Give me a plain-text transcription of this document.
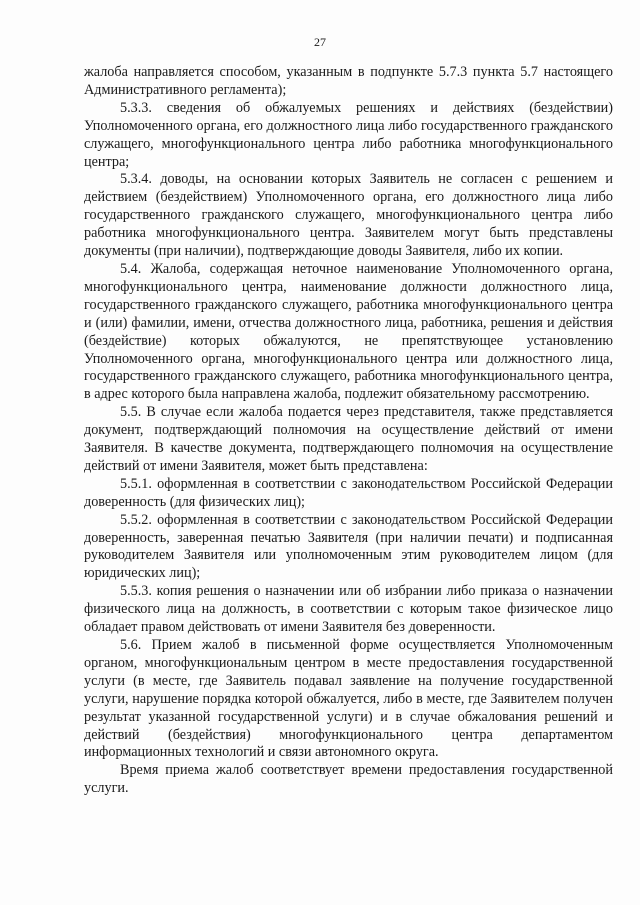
27

жалоба направляется способом, указанным в подпункте 5.7.3 пункта 5.7 настоящего Административного регламента);

5.3.3. сведения об обжалуемых решениях и действиях (бездействии) Уполномоченного органа, его должностного лица либо государственного гражданского служащего, многофункционального центра либо работника многофункционального центра;

5.3.4. доводы, на основании которых Заявитель не согласен с решением и действием (бездействием) Уполномоченного органа, его должностного лица либо государственного гражданского служащего, многофункционального центра либо работника многофункционального центра. Заявителем могут быть представлены документы (при наличии), подтверждающие доводы Заявителя, либо их копии.

5.4. Жалоба, содержащая неточное наименование Уполномоченного органа, многофункционального центра, наименование должности должностного лица, государственного гражданского служащего, работника многофункционального центра и (или) фамилии, имени, отчества должностного лица, работника, решения и действия (бездействие) которых обжалуются, не препятствующее установлению Уполномоченного органа, многофункционального центра или должностного лица, государственного гражданского служащего, работника многофункционального центра, в адрес которого была направлена жалоба, подлежит обязательному рассмотрению.

5.5. В случае если жалоба подается через представителя, также представляется документ, подтверждающий полномочия на осуществление действий от имени Заявителя. В качестве документа, подтверждающего полномочия на осуществление действий от имени Заявителя, может быть представлена:

5.5.1. оформленная в соответствии с законодательством Российской Федерации доверенность (для физических лиц);

5.5.2. оформленная в соответствии с законодательством Российской Федерации доверенность, заверенная печатью Заявителя (при наличии печати) и подписанная руководителем Заявителя или уполномоченным этим руководителем лицом (для юридических лиц);

5.5.3. копия решения о назначении или об избрании либо приказа о назначении физического лица на должность, в соответствии с которым такое физическое лицо обладает правом действовать от имени Заявителя без доверенности.

5.6. Прием жалоб в письменной форме осуществляется Уполномоченным органом, многофункциональным центром в месте предоставления государственной услуги (в месте, где Заявитель подавал заявление на получение государственной услуги, нарушение порядка которой обжалуется, либо в месте, где Заявителем получен результат указанной государственной услуги) и в случае обжалования решений и действий (бездействия) многофункционального центра департаментом информационных технологий и связи автономного округа.

Время приема жалоб соответствует времени предоставления государственной услуги.
